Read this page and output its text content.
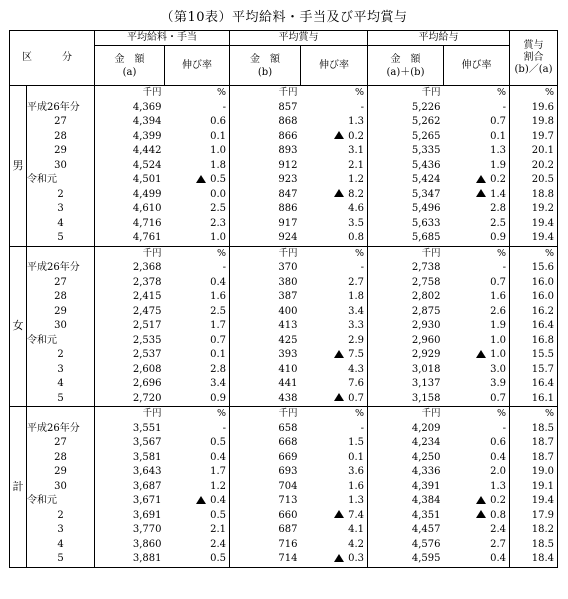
（第10表）平均給料・手当及び平均賞与
区　分		平均給料・手当		平均賞与		平均給与		賞与
割合
(b)／(a)
		金　額
(a)	伸び率	金　額
(b)	伸び率	金　額
(a)＋(b)	伸び率	
男		千円	%	千円	%	千円	%	%
	平成26年分	4,369	-	857	-	5,226	-	19.6
	27	4,394	0.6	868	1.3	5,262	0.7	19.8
	28	4,399	0.1	866	0.2	5,265	0.1	19.7
	29	4,442	1.0	893	3.1	5,335	1.3	20.1
	30	4,524	1.8	912	2.1	5,436	1.9	20.2
	令和元	4,501	0.5	923	1.2	5,424	0.2	20.5
	2	4,499	0.0	847	8.2	5,347	1.4	18.8
	3	4,610	2.5	886	4.6	5,496	2.8	19.2
	4	4,716	2.3	917	3.5	5,633	2.5	19.4
	5	4,761	1.0	924	0.8	5,685	0.9	19.4
女		千円	%	千円	%	千円	%	%
	平成26年分	2,368	-	370	-	2,738	-	15.6
	27	2,378	0.4	380	2.7	2,758	0.7	16.0
	28	2,415	1.6	387	1.8	2,802	1.6	16.0
	29	2,475	2.5	400	3.4	2,875	2.6	16.2
	30	2,517	1.7	413	3.3	2,930	1.9	16.4
	令和元	2,535	0.7	425	2.9	2,960	1.0	16.8
	2	2,537	0.1	393	7.5	2,929	1.0	15.5
	3	2,608	2.8	410	4.3	3,018	3.0	15.7
	4	2,696	3.4	441	7.6	3,137	3.9	16.4
	5	2,720	0.9	438	0.7	3,158	0.7	16.1
計		千円	%	千円	%	千円	%	%
	平成26年分	3,551	-	658	-	4,209	-	18.5
	27	3,567	0.5	668	1.5	4,234	0.6	18.7
	28	3,581	0.4	669	0.1	4,250	0.4	18.7
	29	3,643	1.7	693	3.6	4,336	2.0	19.0
	30	3,687	1.2	704	1.6	4,391	1.3	19.1
	令和元	3,671	0.4	713	1.3	4,384	0.2	19.4
	2	3,691	0.5	660	7.4	4,351	0.8	17.9
	3	3,770	2.1	687	4.1	4,457	2.4	18.2
	4	3,860	2.4	716	4.2	4,576	2.7	18.5
	5	3,881	0.5	714	0.3	4,595	0.4	18.4
